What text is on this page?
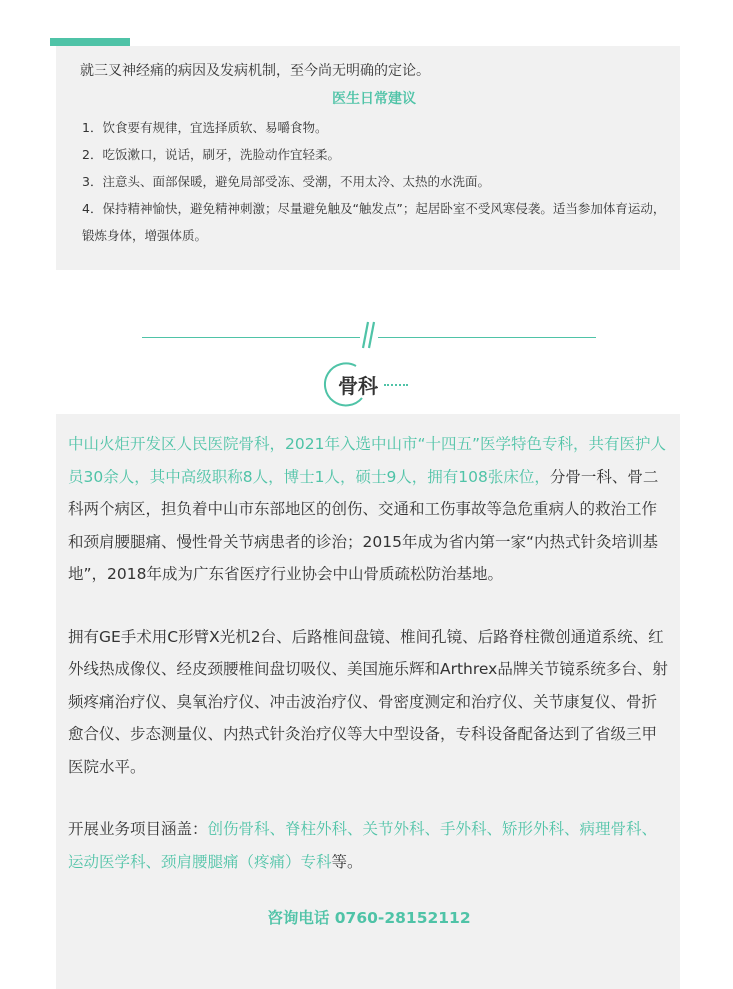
就三叉神经痛的病因及发病机制，至今尚无明确的定论。

医生日常建议

1．饮食要有规律，宜选择质软、易嚼食物。

2．吃饭漱口，说话，刷牙，洗脸动作宜轻柔。

3．注意头、面部保暖，避免局部受冻、受潮，不用太冷、太热的水洗面。

4．保持精神愉快，避免精神刺激；尽量避免触及“触发点”；起居卧室不受风寒侵袭。适当参加体育运动，锻炼身体，增强体质。

骨科

中山火炬开发区人民医院骨科，2021年入选中山市“十四五”医学特色专科，共有医护人员30余人，其中高级职称8人，博士1人，硕士9人，拥有108张床位，分骨一科、骨二科两个病区，担负着中山市东部地区的创伤、交通和工伤事故等急危重病人的救治工作和颈肩腰腿痛、慢性骨关节病患者的诊治；2015年成为省内第一家“内热式针灸培训基地”，2018年成为广东省医疗行业协会中山骨质疏松防治基地。

拥有GE手术用C形臂X光机2台、后路椎间盘镜、椎间孔镜、后路脊柱微创通道系统、红外线热成像仪、经皮颈腰椎间盘切吸仪、美国施乐辉和Arthrex品牌关节镜系统多台、射频疼痛治疗仪、臭氧治疗仪、冲击波治疗仪、骨密度测定和治疗仪、关节康复仪、骨折愈合仪、步态测量仪、内热式针灸治疗仪等大中型设备，专科设备配备达到了省级三甲医院水平。

开展业务项目涵盖：创伤骨科、脊柱外科、关节外科、手外科、矫形外科、病理骨科、运动医学科、颈肩腰腿痛（疼痛）专科等。

咨询电话 0760-28152112
